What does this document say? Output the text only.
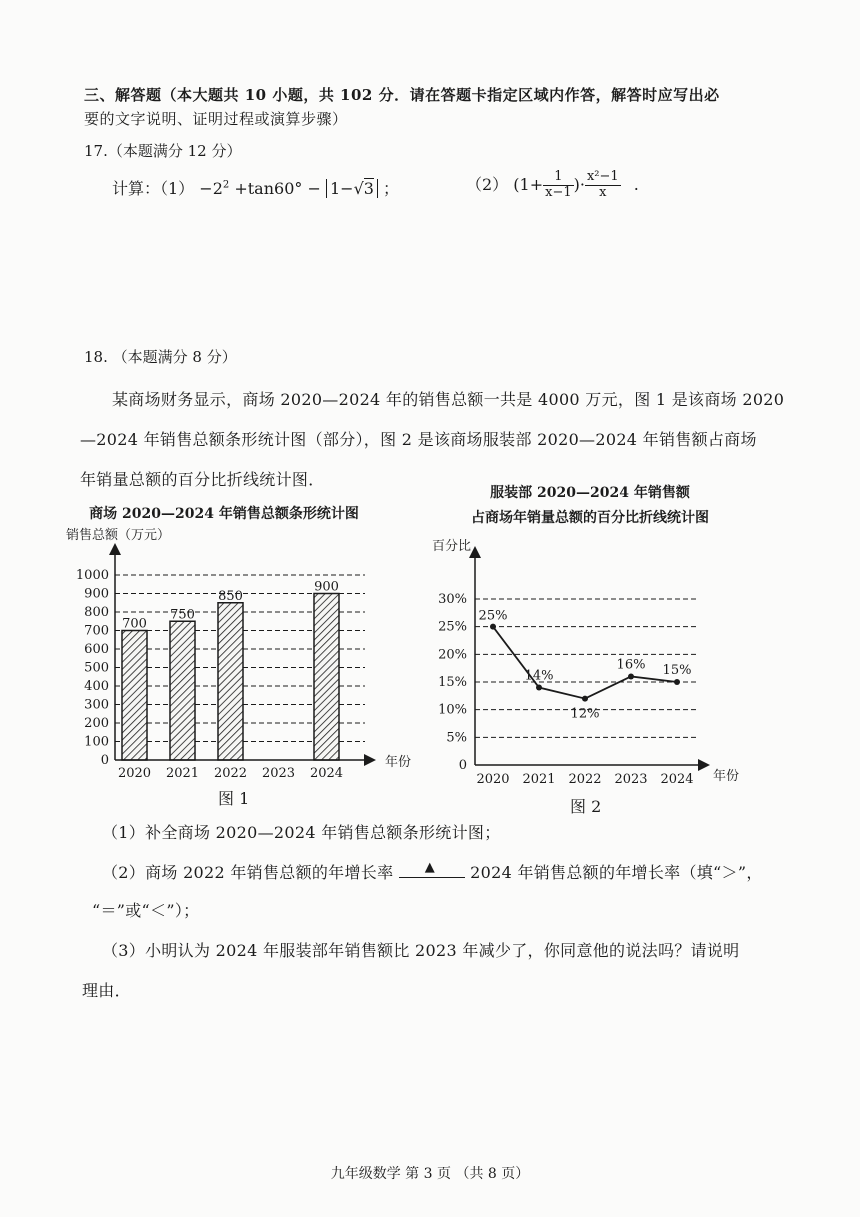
三、解答题（本大题共 10 小题，共 102 分．请在答题卡指定区域内作答，解答时应写出必
要的文字说明、证明过程或演算步骤）
17.（本题满分 12 分）
计算：$(1) -2^2 +\tan 60^\circ - 1-√3$ ；	（2） ($1+ \frac{1}{x-1}$ )· $\frac{\text{x²−1}}{x}$ .
18. （本题满分 8 分）
某商场财务显示，商场 2020—2024 年的销售总额一共是 4000 万元，图 1 是该商场 2020
—2024 年销售总额条形统计图（部分），图 2 是该商场服装部 2020—2024 年销售额占商场
年销量总额的百分比折线统计图．
商场 2020—2024 年销售总额条形统计图
销售总额（万元）
0
100
200
300
400
500
600
700
800
900
1000
700
2020
750
2021
850
2022 2023
900
2024
年份
图 1
服装部 2020—2024 年销售额
占商场年销量总额的百分比折线统计图
百分比
0
5%
10%
15%
20%
25%
30%
年份
25%
2020
14%
2021
12%
2022
16%
2023
15%
2024
图 2
（1）补全商场 2020—2024 年销售总额条形统计图；
（2）商场 2022 年销售总额的年增长率 ▲ 2024 年销售总额的年增长率（填“＞”，
“＝”或“＜”）；
（3）小明认为 2024 年服装部年销售额比 2023 年减少了，你同意他的说法吗？请说明
理由．
九年级数学 第 3 页 （共 8 页）
